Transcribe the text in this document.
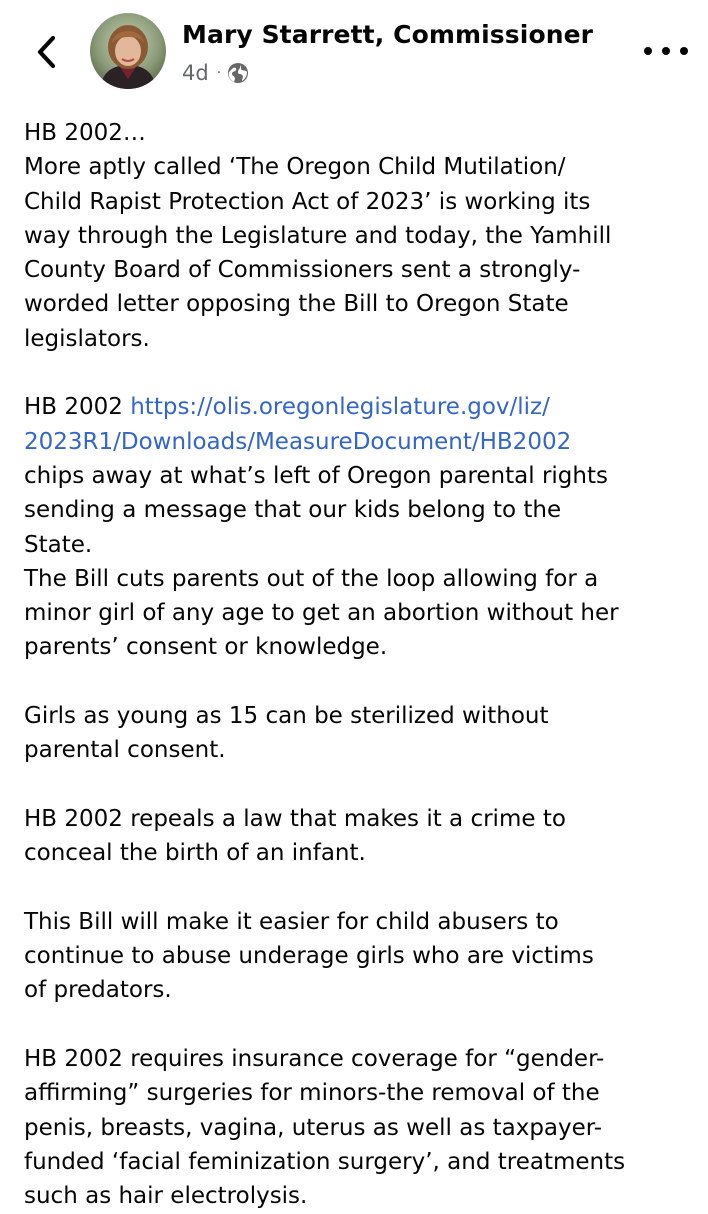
Mary Starrett, Commissioner
4d ·
HB 2002…
More aptly called ‘The Oregon Child Mutilation/
Child Rapist Protection Act of 2023’ is working its
way through the Legislature and today, the Yamhill
County Board of Commissioners sent a strongly-
worded letter opposing the Bill to Oregon State
legislators.
HB 2002 https://olis.oregonlegislature.gov/liz/
2023R1/Downloads/MeasureDocument/HB2002
chips away at what’s left of Oregon parental rights
sending a message that our kids belong to the
State.
The Bill cuts parents out of the loop allowing for a
minor girl of any age to get an abortion without her
parents’ consent or knowledge.
Girls as young as 15 can be sterilized without
parental consent.
HB 2002 repeals a law that makes it a crime to
conceal the birth of an infant.
This Bill will make it easier for child abusers to
continue to abuse underage girls who are victims
of predators.
HB 2002 requires insurance coverage for “gender-
affirming” surgeries for minors-the removal of the
penis, breasts, vagina, uterus as well as taxpayer-
funded ‘facial feminization surgery’, and treatments
such as hair electrolysis.
